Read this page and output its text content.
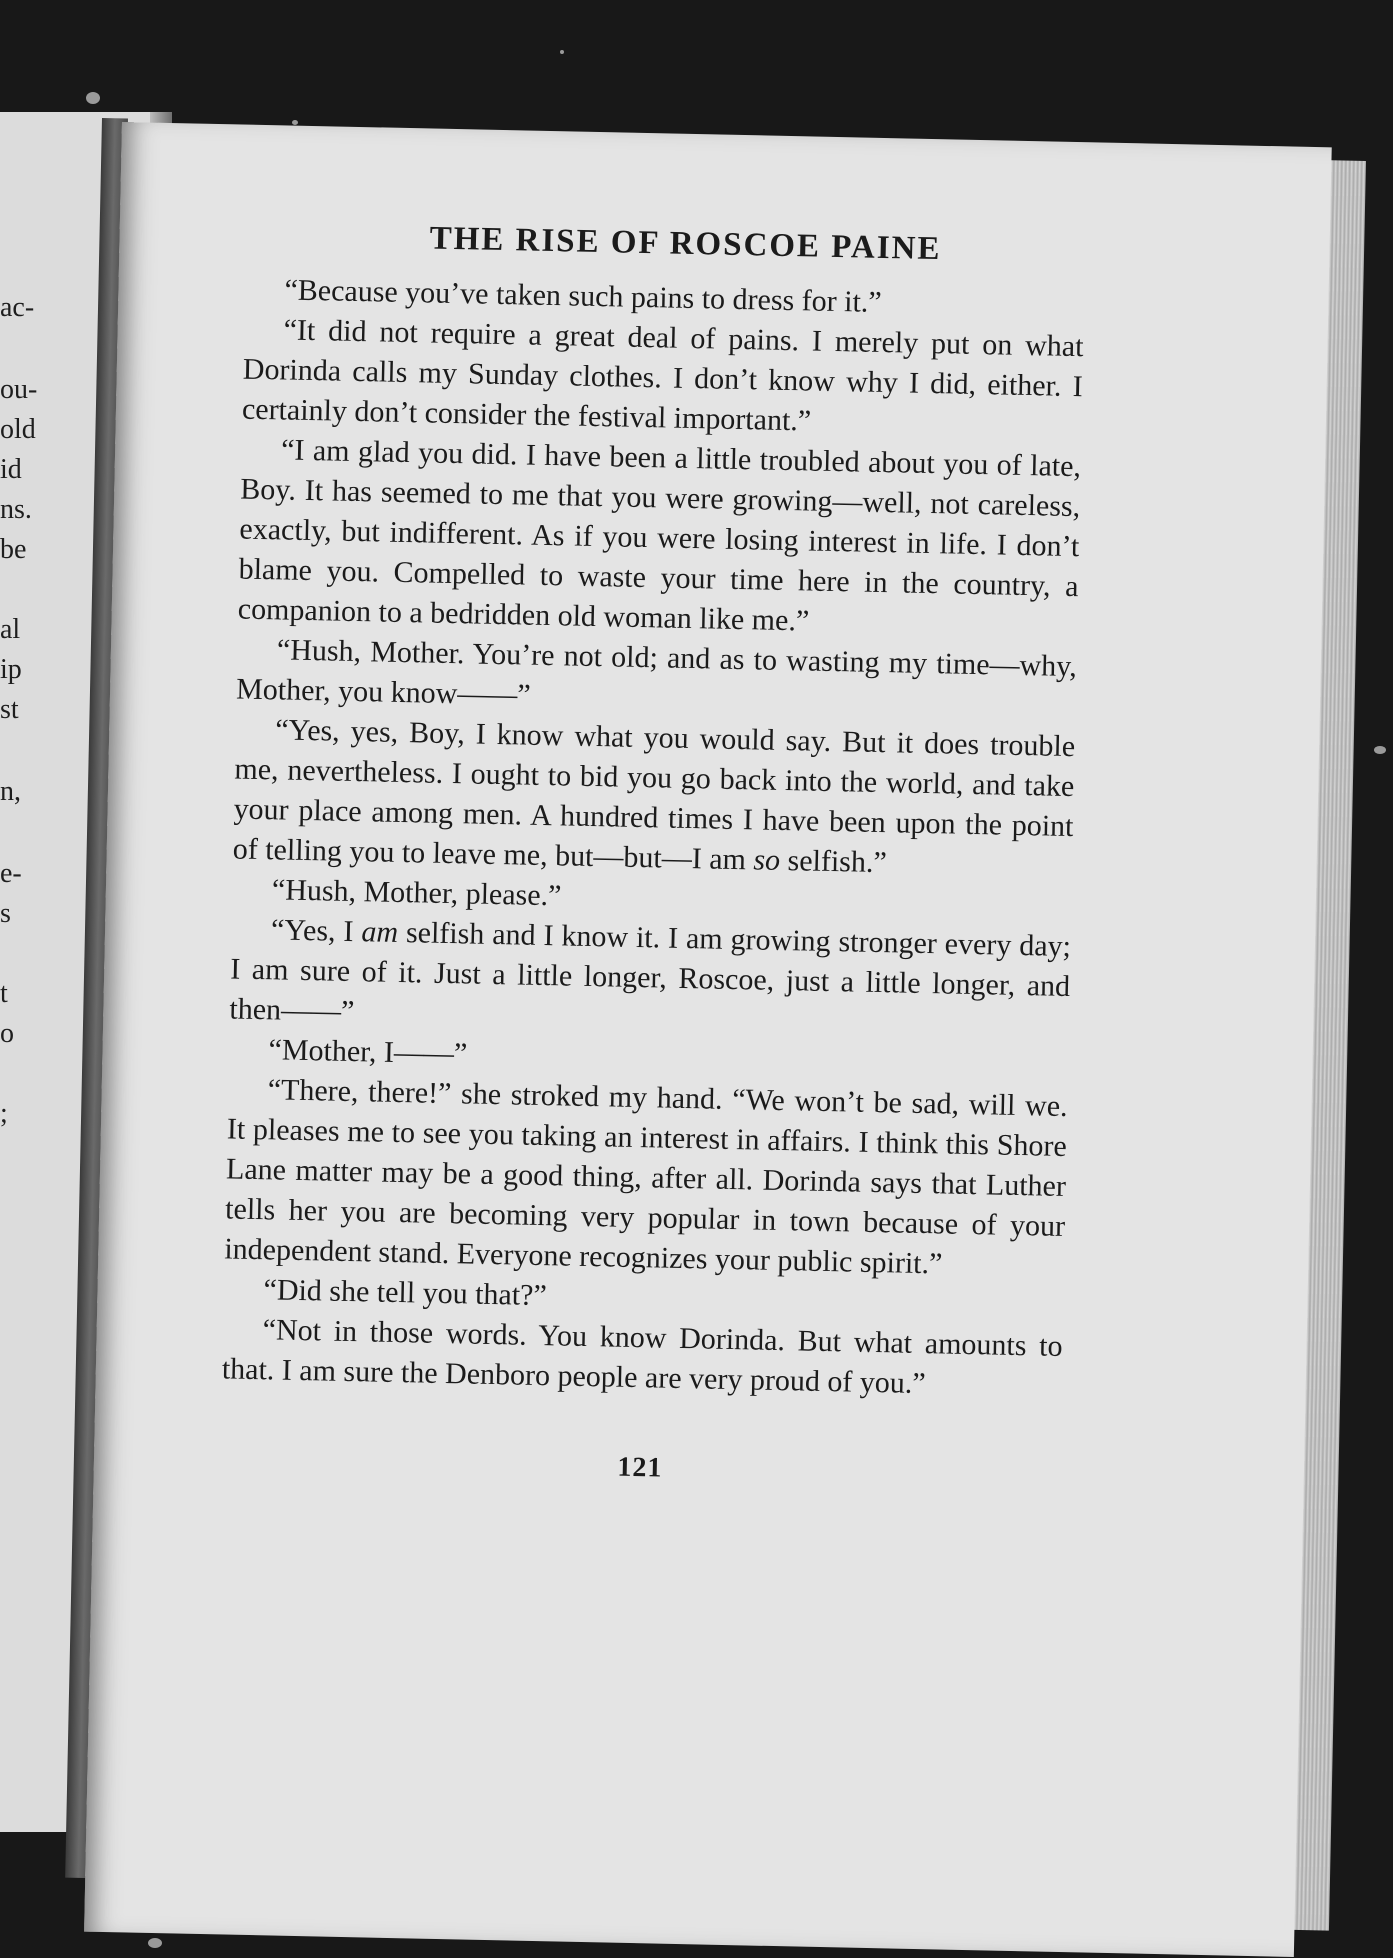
ac-
ou-
old
id
ns.
be
al
ip
st
n,
e-
s
t
o
;
THE RISE OF ROSCOE PAINE

“Because you’ve taken such pains to dress for it.”

“It did not require a great deal of pains. I merely put on what Dorinda calls my Sunday clothes. I don’t know why I did, either. I certainly don’t consider the festival important.”

“I am glad you did. I have been a little troubled about you of late, Boy. It has seemed to me that you were growing—well, not careless, exactly, but indifferent. As if you were losing interest in life. I don’t blame you. Compelled to waste your time here in the country, a companion to a bedridden old woman like me.”

“Hush, Mother. You’re not old; and as to wasting my time—why, Mother, you know——”

“Yes, yes, Boy, I know what you would say. But it does trouble me, nevertheless. I ought to bid you go back into the world, and take your place among men. A hundred times I have been upon the point of telling you to leave me, but—but—I am so selfish.”

“Hush, Mother, please.”

“Yes, I am selfish and I know it. I am growing stronger every day; I am sure of it. Just a little longer, Roscoe, just a little longer, and then——”

“Mother, I——”

“There, there!” she stroked my hand. “We won’t be sad, will we. It pleases me to see you taking an interest in affairs. I think this Shore Lane matter may be a good thing, after all. Dorinda says that Luther tells her you are becoming very popular in town because of your independent stand. Everyone recognizes your public spirit.”

“Did she tell you that?”

“Not in those words. You know Dorinda. But what amounts to that. I am sure the Denboro people are very proud of you.”

121
